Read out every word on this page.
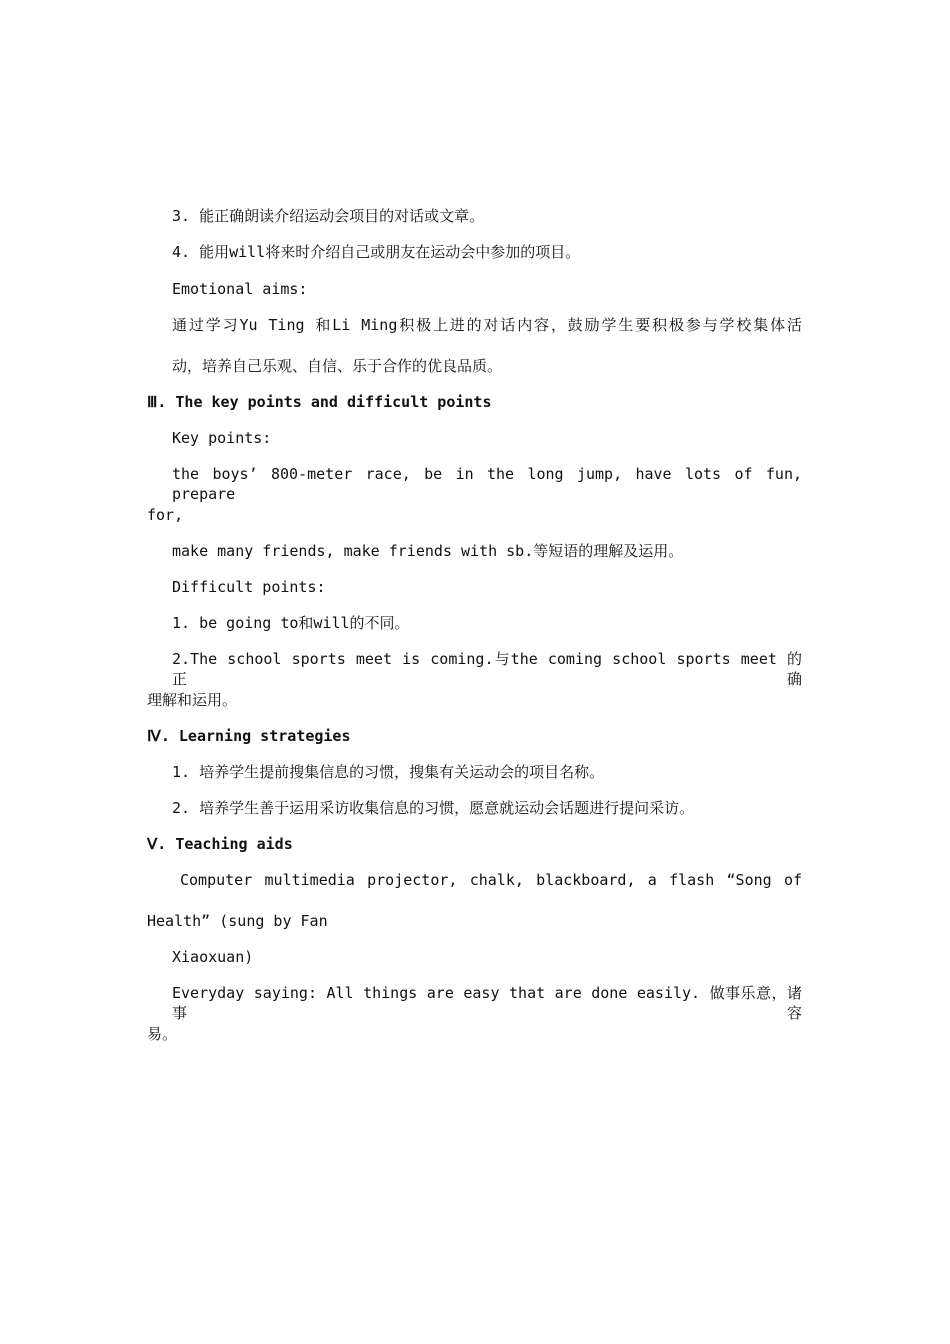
3. 能正确朗读介绍运动会项目的对话或文章。
4. 能用will将来时介绍自己或朋友在运动会中参加的项目。
Emotional aims:
通过学习Yu Ting 和Li Ming积极上进的对话内容，鼓励学生要积极参与学校集体活
动，培养自己乐观、自信、乐于合作的优良品质。
Ⅲ. The key points and difficult points
Key points:
the boys’ 800-meter race, be in the long jump, have lots of fun, prepare
for,
make many friends, make friends with sb.等短语的理解及运用。
Difficult points:
1. be going to和will的不同。
2.The school sports meet is coming.与the coming school sports meet 的正确
理解和运用。
Ⅳ. Learning strategies
1. 培养学生提前搜集信息的习惯，搜集有关运动会的项目名称。
2. 培养学生善于运用采访收集信息的习惯，愿意就运动会话题进行提问采访。
Ⅴ. Teaching aids
Computer multimedia projector, chalk, blackboard, a flash “Song of
Health” (sung by Fan
Xiaoxuan)
Everyday saying: All things are easy that are done easily. 做事乐意，诸事容
易。
